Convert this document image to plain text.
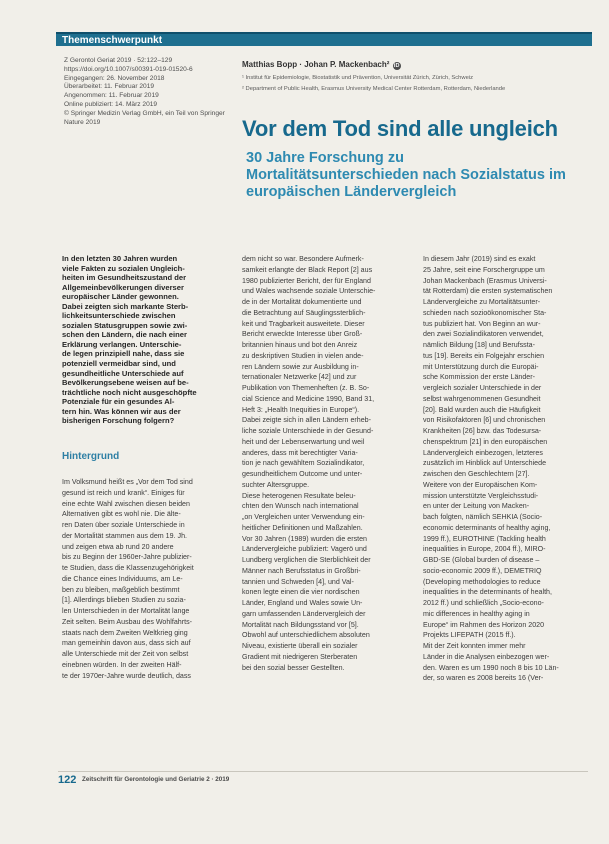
Themenschwerpunkt
Z Gerontol Geriat 2019 · 52:122–129
https://doi.org/10.1007/s00391-019-01520-6
Eingegangen: 26. November 2018
Überarbeitet: 11. Februar 2019
Angenommen: 11. Februar 2019
Online publiziert: 14. März 2019
© Springer Medizin Verlag GmbH, ein Teil von Springer Nature 2019
Matthias Bopp · Johan P. Mackenbach² iD
¹ Institut für Epidemiologie, Biostatistik und Prävention, Universität Zürich, Zürich, Schweiz
² Department of Public Health, Erasmus University Medical Center Rotterdam, Rotterdam, Niederlande
Vor dem Tod sind alle ungleich
30 Jahre Forschung zu Mortalitätsunterschieden nach Sozialstatus im europäischen Ländervergleich
In den letzten 30 Jahren wurden
viele Fakten zu sozialen Ungleich-
heiten im Gesundheitszustand der
Allgemeinbevölkerungen diverser
europäischer Länder gewonnen.
Dabei zeigten sich markante Sterb-
lichkeitsunterschiede zwischen
sozialen Statusgruppen sowie zwi-
schen den Ländern, die nach einer
Erklärung verlangen. Unterschie-
de legen prinzipiell nahe, dass sie
potenziell vermeidbar sind, und
gesundheitliche Unterschiede auf
Bevölkerungsebene weisen auf be-
trächtliche noch nicht ausgeschöpfte
Potenziale für ein gesundes Al-
tern hin. Was können wir aus der
bisherigen Forschung folgern?
Hintergrund
Im Volksmund heißt es „Vor dem Tod sind
gesund ist reich und krank“. Einiges für
eine echte Wahl zwischen diesen beiden
Alternativen gibt es wohl nie. Die älte-
ren Daten über soziale Unterschiede in
der Mortalität stammen aus dem 19. Jh.
und zeigen etwa ab rund 20 andere
bis zu Beginn der 1960er-Jahre publizier-
te Studien, dass die Klassenzugehörigkeit
die Chance eines Individuums, am Le-
ben zu bleiben, maßgeblich bestimmt
[1]. Allerdings blieben Studien zu sozia-
len Unterschieden in der Mortalität lange
Zeit selten. Beim Ausbau des Wohlfahrts-
staats nach dem Zweiten Weltkrieg ging
man gemeinhin davon aus, dass sich auf
alle Unterschiede mit der Zeit von selbst
einebnen würden. In der zweiten Hälf-
te der 1970er-Jahre wurde deutlich, dass
dem nicht so war. Besondere Aufmerk-
samkeit erlangte der Black Report [2] aus
1980 publizierter Bericht, der für England
und Wales wachsende soziale Unterschie-
de in der Mortalität dokumentierte und
die Betrachtung auf Säuglingssterblich-
keit und Tragbarkeit ausweitete. Dieser
Bericht erweckte Interesse über Groß-
britannien hinaus und bot den Anreiz
zu deskriptiven Studien in vielen ande-
ren Ländern sowie zur Ausbildung in-
ternationaler Netzwerke [42] und zur
Publikation von Themenheften (z. B. So-
cial Science and Medicine 1990, Band 31,
Heft 3: „Health Inequities in Europe“).
Dabei zeigte sich in allen Ländern erheb-
liche soziale Unterschiede in der Gesund-
heit und der Lebenserwartung und weil
anderes, dass mit berechtigter Varia-
tion je nach gewähltem Sozialindikator,
gesundheitlichem Outcome und unter-
suchter Altersgruppe.
Diese heterogenen Resultate beleu-
chten den Wunsch nach international
„on Vergleichen unter Verwendung ein-
heitlicher Definitionen und Maßzahlen.
Vor 30 Jahren (1989) wurden die ersten
Ländervergleiche publiziert: Vagerö und
Lundberg verglichen die Sterblichkeit der
Männer nach Berufsstatus in Großbri-
tannien und Schweden [4], und Val-
konen legte einen die vier nordischen
Länder, England und Wales sowie Un-
garn umfassenden Ländervergleich der
Mortalität nach Bildungsstand vor [5].
Obwohl auf unterschiedlichem absoluten
Niveau, existierte überall ein sozialer
Gradient mit niedrigeren Sterberaten
bei den sozial besser Gestellten.
In diesem Jahr (2019) sind es exakt
25 Jahre, seit eine Forschergruppe um
Johan Mackenbach (Erasmus Universi-
tät Rotterdam) die ersten systematischen
Ländervergleiche zu Mortalitätsunter-
schieden nach sozioökonomischer Sta-
tus publiziert hat. Von Beginn an wur-
den zwei Sozialindikatoren verwendet,
nämlich Bildung [18] und Berufssta-
tus [19]. Bereits ein Folgejahr erschien
mit Unterstützung durch die Europäi-
sche Kommission der erste Länder-
vergleich sozialer Unterschiede in der
selbst wahrgenommenen Gesundheit
[20]. Bald wurden auch die Häufigkeit
von Risikofaktoren [6] und chronischen
Krankheiten [26] bzw. das Todesursa-
chenspektrum [21] in den europäischen
Ländervergleich einbezogen, letzteres
zusätzlich im Hinblick auf Unterschiede
zwischen den Geschlechtern [27].
Weitere von der Europäischen Kom-
mission unterstützte Vergleichsstudi-
en unter der Leitung von Macken-
bach folgten, nämlich SEHKIA (Socio-
economic determinants of healthy aging,
1999 ff.), EUROTHINE (Tackling health
inequalities in Europe, 2004 ff.), MIRO-
GBD-SE (Global burden of disease –
socio-economic 2009 ff.), DEMETRIQ
(Developing methodologies to reduce
inequalities in the determinants of health,
2012 ff.) und schließlich „Socio-econo-
mic differences in healthy aging in
Europe“ im Rahmen des Horizon 2020
Projekts LIFEPATH (2015 ff.).
Mit der Zeit konnten immer mehr
Länder in die Analysen einbezogen wer-
den. Waren es um 1990 noch 8 bis 10 Län-
der, so waren es 2008 bereits 16 (Ver-
122 Zeitschrift für Gerontologie und Geriatrie 2 · 2019
